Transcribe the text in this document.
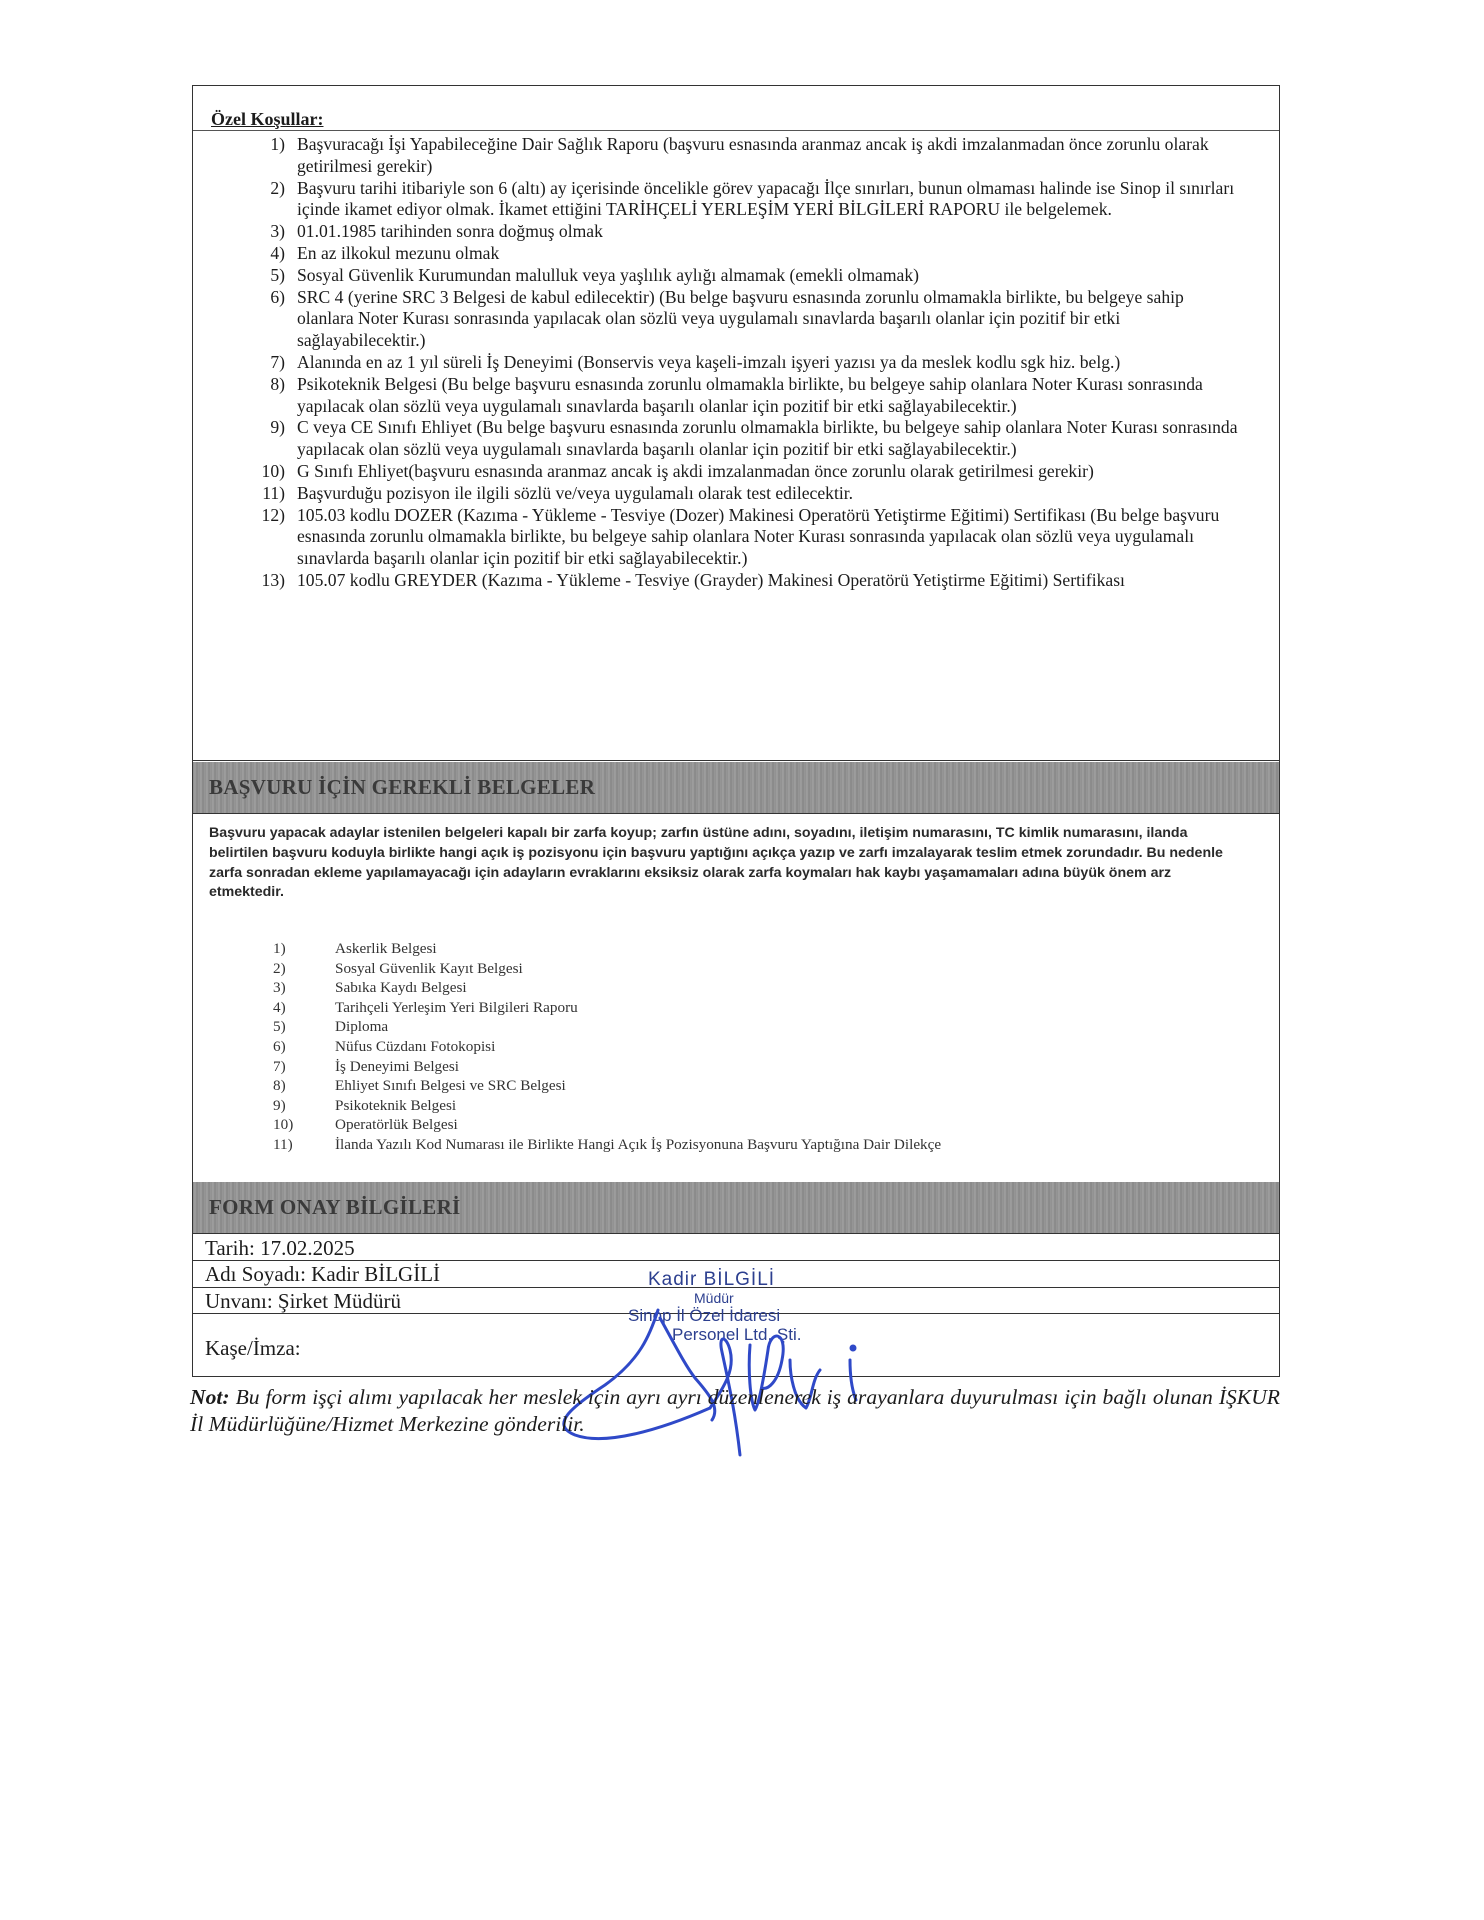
Özel Koşullar:
1) Başvuracağı İşi Yapabileceğine Dair Sağlık Raporu (başvuru esnasında aranmaz ancak iş akdi imzalanmadan önce zorunlu olarak getirilmesi gerekir)
2) Başvuru tarihi itibariyle son 6 (altı) ay içerisinde öncelikle görev yapacağı İlçe sınırları, bunun olmaması halinde ise Sinop il sınırları içinde ikamet ediyor olmak. İkamet ettiğini TARİHÇELİ YERLEŞİM YERİ BİLGİLERİ RAPORU ile belgelemek.
3) 01.01.1985 tarihinden sonra doğmuş olmak
4) En az ilkokul mezunu olmak
5) Sosyal Güvenlik Kurumundan malulluk veya yaşlılık aylığı almamak (emekli olmamak)
6) SRC 4 (yerine SRC 3 Belgesi de kabul edilecektir) (Bu belge başvuru esnasında zorunlu olmamakla birlikte, bu belgeye sahip olanlara Noter Kurası sonrasında yapılacak olan sözlü veya uygulamalı sınavlarda başarılı olanlar için pozitif bir etki sağlayabilecektir.)
7) Alanında en az 1 yıl süreli İş Deneyimi (Bonservis veya kaşeli-imzalı işyeri yazısı ya da meslek kodlu sgk hiz. belg.)
8) Psikoteknik Belgesi (Bu belge başvuru esnasında zorunlu olmamakla birlikte, bu belgeye sahip olanlara Noter Kurası sonrasında yapılacak olan sözlü veya uygulamalı sınavlarda başarılı olanlar için pozitif bir etki sağlayabilecektir.)
9) C veya CE Sınıfı Ehliyet (Bu belge başvuru esnasında zorunlu olmamakla birlikte, bu belgeye sahip olanlara Noter Kurası sonrasında yapılacak olan sözlü veya uygulamalı sınavlarda başarılı olanlar için pozitif bir etki sağlayabilecektir.)
10) G Sınıfı Ehliyet(başvuru esnasında aranmaz ancak iş akdi imzalanmadan önce zorunlu olarak getirilmesi gerekir)
11) Başvurduğu pozisyon ile ilgili sözlü ve/veya uygulamalı olarak test edilecektir.
12) 105.03 kodlu DOZER (Kazıma - Yükleme - Tesviye (Dozer) Makinesi Operatörü Yetiştirme Eğitimi) Sertifikası (Bu belge başvuru esnasında zorunlu olmamakla birlikte, bu belgeye sahip olanlara Noter Kurası sonrasında yapılacak olan sözlü veya uygulamalı sınavlarda başarılı olanlar için pozitif bir etki sağlayabilecektir.)
13) 105.07 kodlu GREYDER (Kazıma - Yükleme - Tesviye (Grayder) Makinesi Operatörü Yetiştirme Eğitimi) Sertifikası
BAŞVURU İÇİN GEREKLİ BELGELER
Başvuru yapacak adaylar istenilen belgeleri kapalı bir zarfa koyup; zarfın üstüne adını, soyadını, iletişim numarasını, TC kimlik numarasını, ilanda belirtilen başvuru koduyla birlikte hangi açık iş pozisyonu için başvuru yaptığını açıkça yazıp ve zarfı imzalayarak teslim etmek zorundadır. Bu nedenle zarfa sonradan ekleme yapılamayacağı için adayların evraklarını eksiksiz olarak zarfa koymaları hak kaybı yaşamamaları adına büyük önem arz etmektedir.
1)	Askerlik Belgesi
2)	Sosyal Güvenlik Kayıt Belgesi
3)	Sabıka Kaydı Belgesi
4)	Tarihçeli Yerleşim Yeri Bilgileri Raporu
5)	Diploma
6)	Nüfus Cüzdanı Fotokopisi
7)	İş Deneyimi Belgesi
8)	Ehliyet Sınıfı Belgesi ve SRC Belgesi
9)	Psikoteknik Belgesi
10)	Operatörlük Belgesi
11)	İlanda Yazılı Kod Numarası ile Birlikte Hangi Açık İş Pozisyonuna Başvuru Yaptığına Dair Dilekçe
FORM ONAY BİLGİLERİ
Tarih: 17.02.2025
Adı Soyadı: Kadir BİLGİLİ
Unvanı: Şirket Müdürü
Kaşe/İmza:
Kadir BİLGİLİ
Müdür
Sinop İl Özel İdaresi
Personel Ltd. Şti.
Not: Bu form işçi alımı yapılacak her meslek için ayrı ayrı düzenlenerek iş arayanlara duyurulması için bağlı olunan İŞKUR İl Müdürlüğüne/Hizmet Merkezine gönderilir.
